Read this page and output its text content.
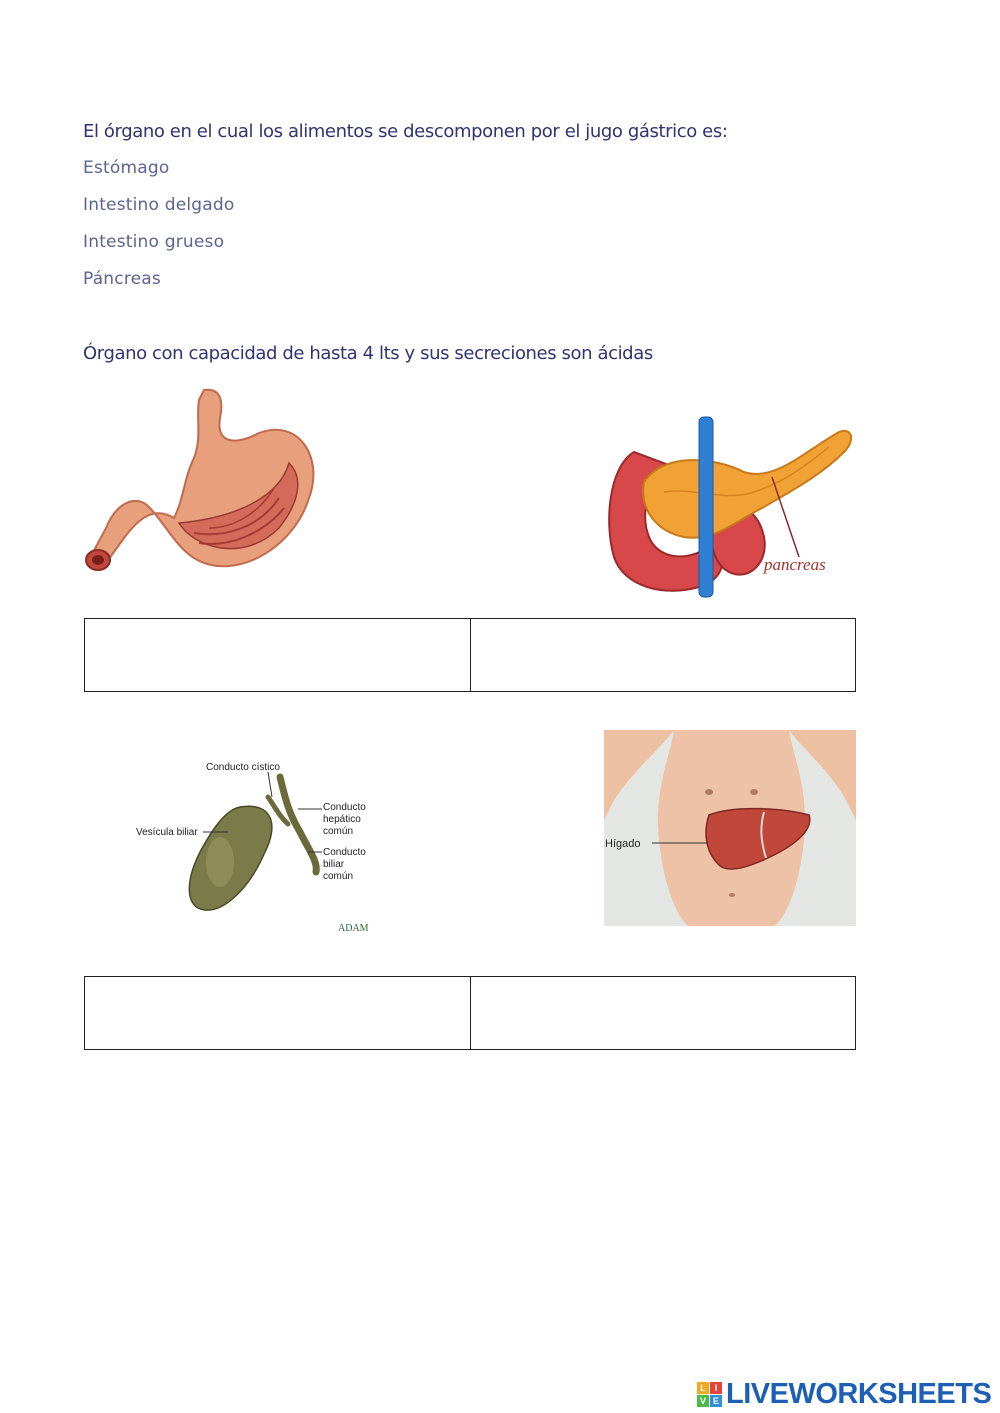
El órgano en el cual los alimentos se descomponen por el jugo gástrico es:
Estómago
Intestino delgado
Intestino grueso
Páncreas
Órgano con capacidad de hasta 4 lts y sus secreciones son ácidas
pancreas
Conducto cístico
Vesícula biliar
Conducto
hepático
común
Conducto
biliar
común
ADAM
Hígado
L I
V E LIVEWORKSHEETS
